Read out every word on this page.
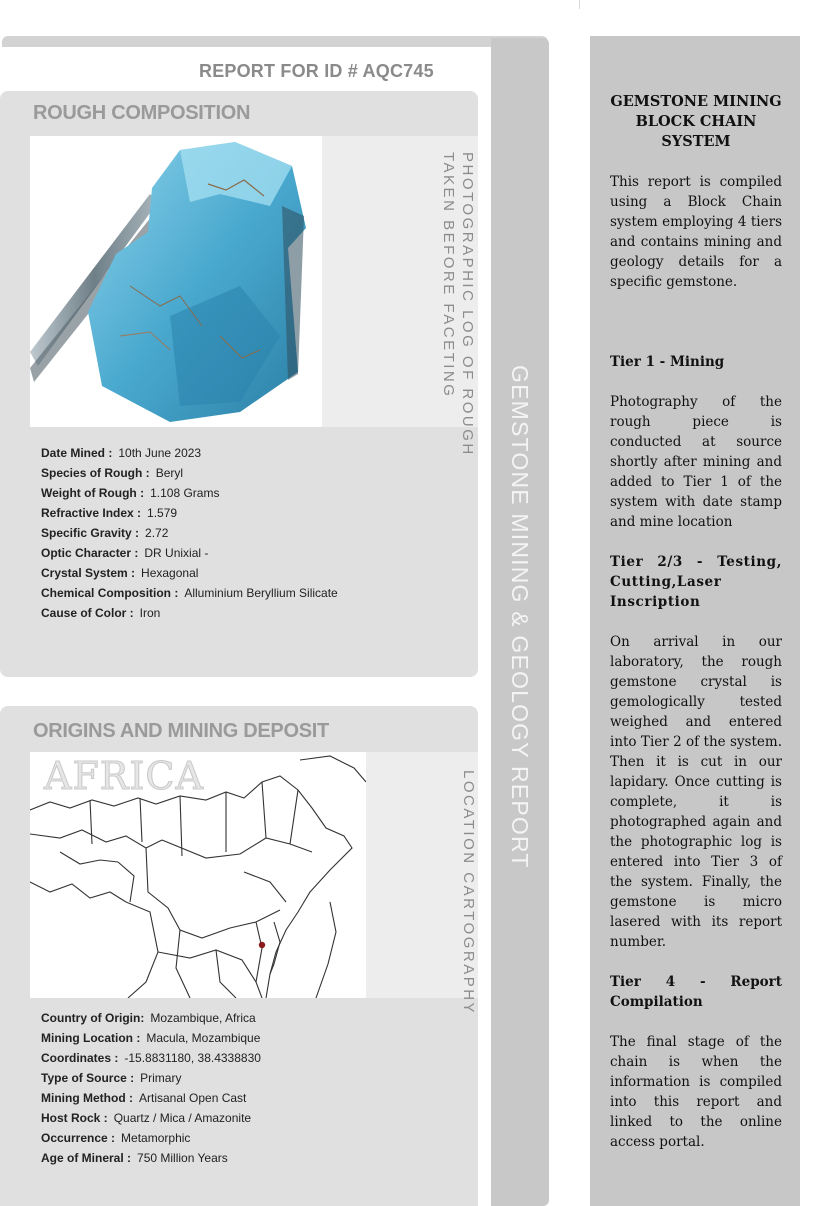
REPORT FOR ID # AQC745
ROUGH COMPOSITION
PHOTOGRAPHIC LOG OF ROUGH
TAKEN BEFORE FACETING
Date Mined : 10th June 2023
Species of Rough : Beryl
Weight of Rough : 1.108 Grams
Refractive Index : 1.579
Specific Gravity : 2.72
Optic Character : DR Unixial -
Crystal System : Hexagonal
Chemical Composition : Alluminium Beryllium Silicate
Cause of Color : Iron
ORIGINS AND MINING DEPOSIT
AFRICA	LOCATION CARTOGRAPHY
Country of Origin: Mozambique, Africa
Mining Location : Macula, Mozambique
Coordinates : -15.8831180, 38.4338830
Type of Source : Primary
Mining Method : Artisanal Open Cast
Host Rock : Quartz / Mica / Amazonite
Occurrence : Metamorphic
Age of Mineral : 750 Million Years
GEMSTONE MINING & GEOLOGY REPORT
GEMSTONE MINING BLOCK CHAIN SYSTEM
This report is compiled using a Block Chain system employing 4 tiers and contains mining and geology details for a specific gemstone.
Tier 1 - Mining
Photography of the rough piece is conducted at source shortly after mining and added to Tier 1 of the system with date stamp and mine location
Tier 2/3 - Testing, Cutting,Laser Inscription
On arrival in our laboratory, the rough gemstone crystal is gemologically tested weighed and entered into Tier 2 of the system. Then it is cut in our lapidary. Once cutting is complete, it is photographed again and the photographic log is entered into Tier 3 of the system. Finally, the gemstone is micro lasered with its report number.
Tier 4 - Report Compilation
The final stage of the chain is when the information is compiled into this report and linked to the online access portal.
